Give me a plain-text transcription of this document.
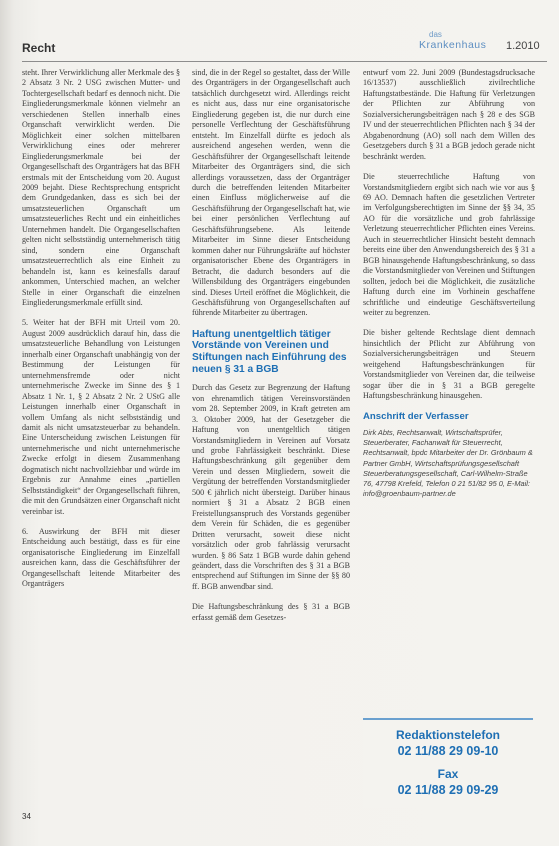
Recht
das
Krankenhaus 1.2010

steht. Ihrer Verwirklichung aller Merkmale des § 2 Absatz 3 Nr. 2 USG zwischen Mutter- und Tochtergesellschaft bedarf es dennoch nicht. Die Eingliederungsmerkmale können vielmehr an verschiedenen Stellen innerhalb eines Organschaft verwirklicht werden. Die Möglichkeit einer solchen mittelbaren Verwirklichung eines oder mehrerer Eingliederungsmerkmale bei der Organgesellschaft des Organträgers hat das BFH erstmals mit der Entscheidung vom 20. August 2009 bejaht. Diese Rechtsprechung entspricht dem Grundgedanken, dass es sich bei der umsatzsteuerlichen Organschaft um umsatzsteuerliches Recht und ein einheitliches Unternehmen handelt. Die Organgesellschaften gelten nicht selbstständig unternehmerisch tätig sind, sondern eine Organschaft umsatzsteuerrechtlich als eine Einheit zu behandeln ist, kann es keinesfalls darauf ankommen, Unterschied machen, an welcher Stelle in einer Organschaft die einzelnen Eingliederungsmerkmale erfüllt sind.

5. Weiter hat der BFH mit Urteil vom 20. August 2009 ausdrücklich darauf hin, dass die umsatzsteuerliche Behandlung von Leistungen innerhalb einer Organschaft unabhängig von der Bestimmung der Leistungen für unternehmensfremde oder nicht unternehmerische Zwecke im Sinne des § 1 Absatz 1 Nr. 1, § 2 Absatz 2 Nr. 2 UStG alle Leistungen innerhalb einer Organschaft in vollem Umfang als nicht selbstständig und damit als nicht umsatzsteuerbar zu behandeln. Eine Unterscheidung zwischen Leistungen für unternehmerische und nicht unternehmerische Zwecke erfolgt in diesem Zusammenhang dogmatisch nicht nachvollziehbar und würde im Ergebnis zur Annahme eines „partiellen Selbstständigkeit“ der Organgesellschaft führen, die mit den Grundsätzen einer Organschaft nicht vereinbar ist.

6. Auswirkung der BFH mit dieser Entscheidung auch bestätigt, dass es für eine organisatorische Eingliederung im Einzelfall ausreichen kann, dass die Geschäftsführer der Organgesellschaft leitende Mitarbeiter des Organträgers

sind, die in der Regel so gestaltet, dass der Wille des Organträgers in der Organgesellschaft auch tatsächlich durchgesetzt wird. Allerdings reicht es nicht aus, dass nur eine organisatorische Eingliederung gegeben ist, die nur durch eine personelle Verflechtung der Geschäftsführung entsteht. Im Einzelfall dürfte es jedoch als ausreichend angesehen werden, wenn die Geschäftsführer der Organgesellschaft leitende Mitarbeiter des Organträgers sind, die sich allerdings voraussetzen, dass der Organträger durch die betreffenden leitenden Mitarbeiter einen Einfluss möglicherweise auf die Geschäftsführung der Organgesellschaft hat, wie bei einer persönlichen Verflechtung auf Geschäftsführungsebene. Als leitende Mitarbeiter im Sinne dieser Entscheidung kommen daher nur Führungskräfte auf höchster organisatorischer Ebene des Organträgers in Betracht, die dadurch besonders auf die Willensbildung des Organträgers eingebunden sind. Dieses Urteil eröffnet die Möglichkeit, die Geschäftsführung von Organgesellschaften auf führende Mitarbeiter zu übertragen.

Haftung unentgeltlich tätiger Vorstände von Vereinen und Stiftungen nach Einführung des neuen § 31 a BGB

Durch das Gesetz zur Begrenzung der Haftung von ehrenamtlich tätigen Vereinsvorständen vom 28. September 2009, in Kraft getreten am 3. Oktober 2009, hat der Gesetzgeber die Haftung von unentgeltlich tätigen Vorstandsmitgliedern in Vereinen auf Vorsatz und grobe Fahrlässigkeit beschränkt. Diese Haftungsbeschränkung gilt gegenüber dem Verein und dessen Mitgliedern, soweit die Vergütung der betreffenden Vorstandsmitglieder 500 € jährlich nicht übersteigt. Darüber hinaus normiert § 31 a Absatz 2 BGB einen Freistellungsanspruch des Vorstands gegenüber dem Verein für Schäden, die es gegenüber Dritten verursacht, soweit diese nicht vorsätzlich oder grob fahrlässig verursacht wurden. § 86 Satz 1 BGB wurde dahin gehend geändert, dass die Vorschriften des § 31 a BGB entsprechend auf Stiftungen im Sinne der §§ 80 ff. BGB anwendbar sind.

Die Haftungsbeschränkung des § 31 a BGB erfasst gemäß dem Gesetzes-

entwurf vom 22. Juni 2009 (Bundestagsdrucksache 16/13537) ausschließlich zivilrechtliche Haftungstatbestände. Die Haftung für Verletzungen der Pflichten zur Abführung von Sozialversicherungsbeiträgen nach § 28 e des SGB IV und der steuerrechtlichen Pflichten nach § 34 der Abgabenordnung (AO) soll nach dem Willen des Gesetzgebers durch § 31 a BGB jedoch gerade nicht beschränkt werden.

Die steuerrechtliche Haftung von Vorstandsmitgliedern ergibt sich nach wie vor aus § 69 AO. Demnach haften die gesetzlichen Vertreter im Verfolgungsberechtigten im Sinne der §§ 34, 35 AO für die vorsätzliche und grob fahrlässige Verletzung steuerrechtlicher Pflichten eines Vereins. Auch in steuerrechtlicher Hinsicht besteht demnach bereits eine über den Anwendungsbereich des § 31 a BGB hinausgehende Haftungsbeschränkung, so dass die Vorstandsmitglieder von Vereinen und Stiftungen sollten, jedoch bei die Möglichkeit, die zusätzliche Haftung durch eine im Vorhinein geschaffene schriftliche und eindeutige Geschäftsverteilung weiter zu begrenzen.

Die bisher geltende Rechtslage dient demnach hinsichtlich der Pflicht zur Abführung von Sozialversicherungsbeiträgen und Steuern weitgehend Haftungsbeschränkungen für Vorstandsmitglieder von Vereinen dar, die teilweise sogar über die in § 31 a BGB geregelte Haftungsbeschränkung hinausgehen.

Anschrift der Verfasser
Dirk Abts, Rechtsanwalt, Wirtschaftsprüfer, Steuerberater, Fachanwalt für Steuerrecht, Rechtsanwalt, bpdc Mitarbeiter der Dr. Grönbaum & Partner GmbH, Wirtschaftsprüfungsgesellschaft Steuerberatungsgesellschaft, Carl-Wilhelm-Straße 76, 47798 Krefeld, Telefon 0 21 51/82 95 0, E-Mail: info@groenbaum-partner.de
Redaktionstelefon
02 11/88 29 09-10
Fax
02 11/88 29 09-29
34
